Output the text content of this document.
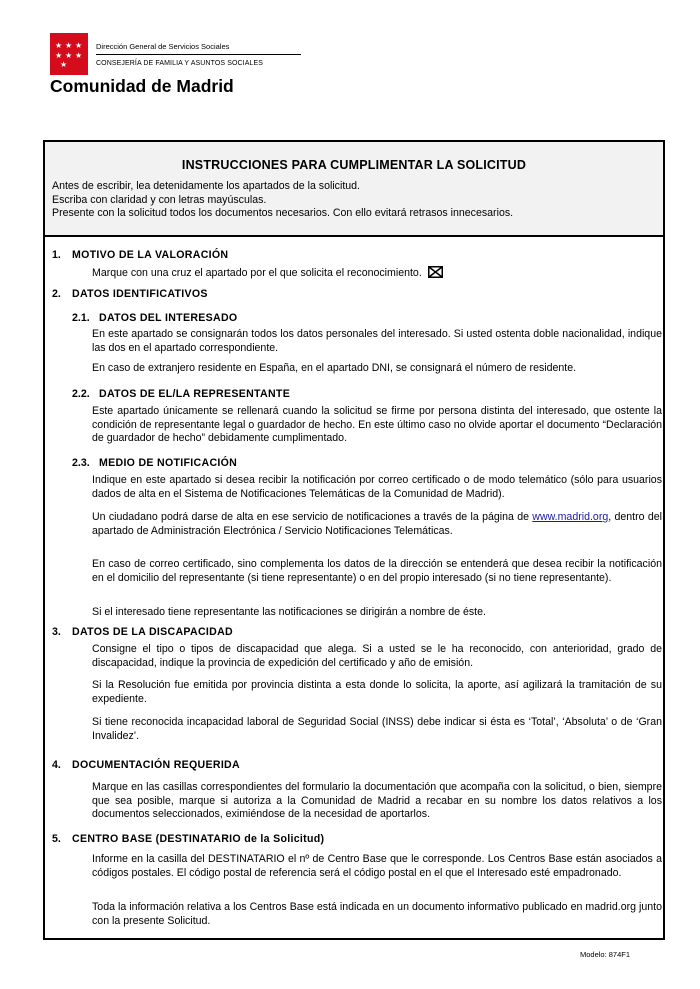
★ ★ ★
★ ★ ★
★
Dirección General de Servicios Sociales
CONSEJERÍA DE FAMILIA Y ASUNTOS SOCIALES
Comunidad de Madrid
INSTRUCCIONES PARA CUMPLIMENTAR LA SOLICITUD
Antes de escribir, lea detenidamente los apartados de la solicitud.
Escriba con claridad y con letras mayúsculas.
Presente con la solicitud todos los documentos necesarios. Con ello evitará retrasos innecesarios.
1. MOTIVO DE LA VALORACIÓN
Marque con una cruz el apartado por el que solicita el reconocimiento.
2. DATOS IDENTIFICATIVOS
2.1. DATOS DEL INTERESADO
En este apartado se consignarán todos los datos personales del interesado. Si usted ostenta doble nacionalidad, indique las dos en el apartado correspondiente.
En caso de extranjero residente en España, en el apartado DNI, se consignará el número de residente.
2.2. DATOS DE EL/LA REPRESENTANTE
Este apartado únicamente se rellenará cuando la solicitud se firme por persona distinta del interesado, que ostente la condición de representante legal o guardador de hecho. En este último caso no olvide aportar el documento “Declaración de guardador de hecho” debidamente cumplimentado.
2.3. MEDIO DE NOTIFICACIÓN
Indique en este apartado si desea recibir la notificación por correo certificado o de modo telemático (sólo para usuarios dados de alta en el Sistema de Notificaciones Telemáticas de la Comunidad de Madrid).
Un ciudadano podrá darse de alta en ese servicio de notificaciones a través de la página de www.madrid.org, dentro del apartado de Administración Electrónica / Servicio Notificaciones Telemáticas.
En caso de correo certificado, sino complementa los datos de la dirección se entenderá que desea recibir la notificación en el domicilio del representante (si tiene representante) o en del propio interesado (si no tiene representante).
Si el interesado tiene representante las notificaciones se dirigirán a nombre de éste.
3. DATOS DE LA DISCAPACIDAD
Consigne el tipo o tipos de discapacidad que alega. Si a usted se le ha reconocido, con anterioridad, grado de discapacidad, indique la provincia de expedición del certificado y año de emisión.
Si la Resolución fue emitida por provincia distinta a esta donde lo solicita, la aporte, así agilizará la tramitación de su expediente.
Si tiene reconocida incapacidad laboral de Seguridad Social (INSS) debe indicar si ésta es ‘Total’, ‘Absoluta’ o de ‘Gran Invalidez’.
4. DOCUMENTACIÓN REQUERIDA
Marque en las casillas correspondientes del formulario la documentación que acompaña con la solicitud, o bien, siempre que sea posible, marque si autoriza a la Comunidad de Madrid a recabar en su nombre los datos relativos a los documentos seleccionados, eximiéndose de la necesidad de aportarlos.
5. CENTRO BASE (DESTINATARIO de la Solicitud)
Informe en la casilla del DESTINATARIO el nº de Centro Base que le corresponde. Los Centros Base están asociados a códigos postales. El código postal de referencia será el código postal en el que el Interesado esté empadronado.
Toda la información relativa a los Centros Base está indicada en un documento informativo publicado en madrid.org junto con la presente Solicitud.
Modelo: 874F1
